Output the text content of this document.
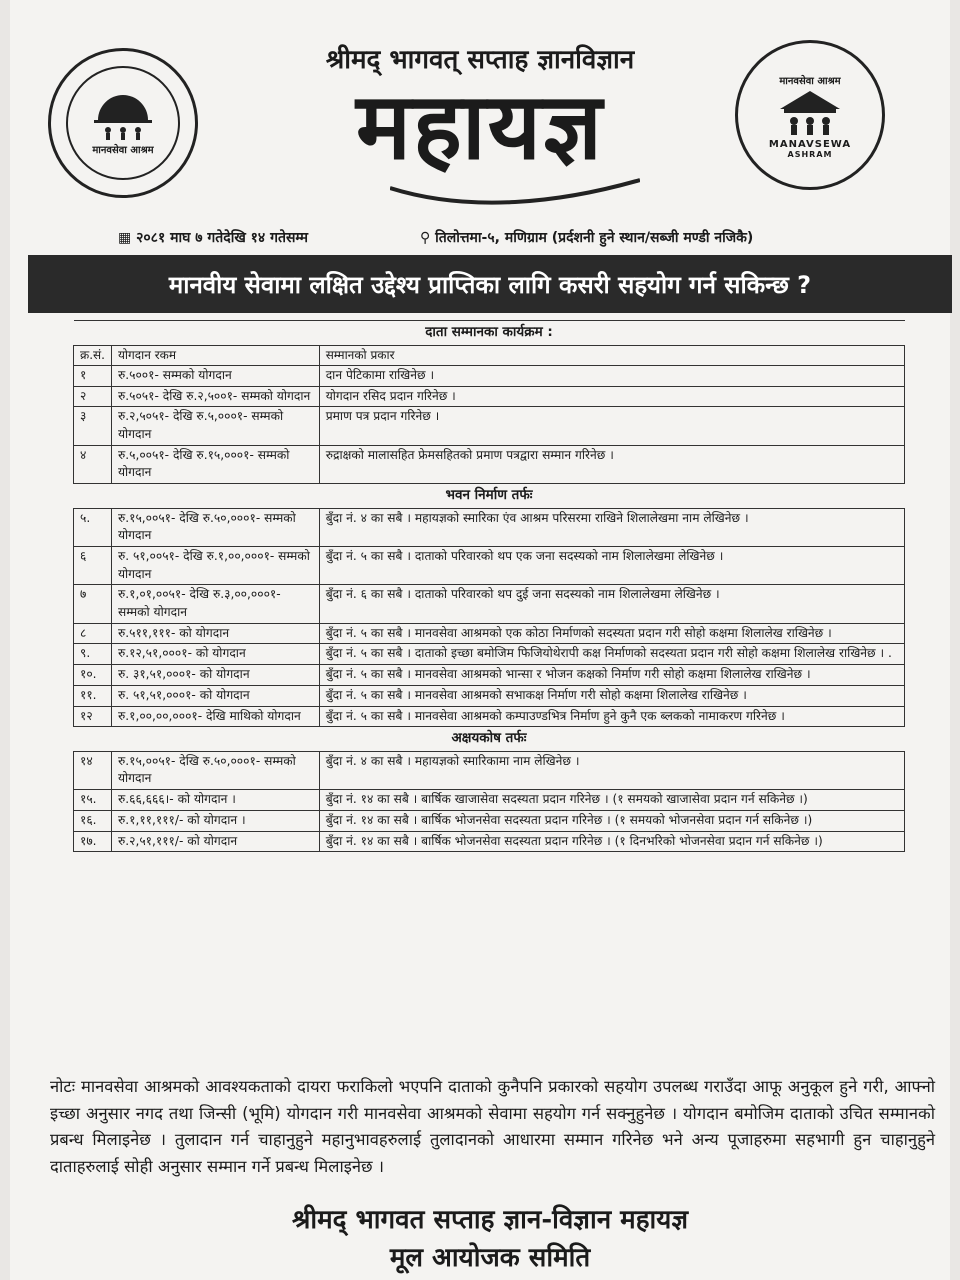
मानवसेवा आश्रम
श्रीमद् भागवत् सप्ताह ज्ञानविज्ञान
महायज्ञ	मानवसेवा आश्रम
MANAVSEWA
ASHRAM
▦ २०८१ माघ ७ गतेदेखि १४ गतेसम्म	⚲ तिलोत्तमा-५, मणिग्राम (प्रर्दशनी हुने स्थान/सब्जी मण्डी नजिकै)
मानवीय सेवामा लक्षित उद्देश्य प्राप्तिका लागि कसरी सहयोग गर्न सकिन्छ ?
दाता सम्मानका कार्यक्रम :		
क्र.सं.	योगदान रकम	सम्मानको प्रकार
१	रु.५००१- सम्मको योगदान	दान पेटिकामा राखिनेछ ।
२	रु.५०५१- देखि रु.२,५००१- सम्मको योगदान	योगदान रसिद प्रदान गरिनेछ ।
३	रु.२,५०५१- देखि रु.५,०००१- सम्मको योगदान	प्रमाण पत्र प्रदान गरिनेछ ।
४	रु.५,००५१- देखि रु.१५,०००१- सम्मको योगदान	रुद्राक्षको मालासहित फ्रेमसहितको प्रमाण पत्रद्वारा सम्मान गरिनेछ ।
भवन निर्माण तर्फः		
५.	रु.१५,००५१- देखि रु.५०,०००१- सम्मको योगदान	बुँदा नं. ४ का सबै । महायज्ञको स्मारिका एंव आश्रम परिसरमा राखिने शिलालेखमा नाम लेखिनेछ ।
६	रु. ५१,००५१- देखि रु.१,००,०००१- सम्मको योगदान	बुँदा नं. ५ का सबै । दाताको परिवारको थप एक जना सदस्यको नाम शिलालेखमा लेखिनेछ ।
७	रु.१,०१,००५१- देखि रु.३,००,०००१- सम्मको योगदान	बुँदा नं. ६ का सबै । दाताको परिवारको थप दुई जना सदस्यको नाम शिलालेखमा लेखिनेछ ।
८	रु.५११,१११- को योगदान	बुँदा नं. ५ का सबै । मानवसेवा आश्रमको एक कोठा निर्माणको सदस्यता प्रदान गरी सोहो कक्षमा शिलालेख राखिनेछ ।
९.	रु.१२,५१,०००१- को योगदान	बुँदा नं. ५ का सबै । दाताको इच्छा बमोजिम फिजियोथेरापी कक्ष निर्माणको सदस्यता प्रदान गरी सोहो कक्षमा शिलालेख राखिनेछ । .
१०.	रु. ३१,५१,०००१- को योगदान	बुँदा नं. ५ का सबै । मानवसेवा आश्रमको भान्सा र भोजन कक्षको निर्माण गरी सोहो कक्षमा शिलालेख राखिनेछ ।
११.	रु. ५१,५१,०००१- को योगदान	बुँदा नं. ५ का सबै । मानवसेवा आश्रमको सभाकक्ष निर्माण गरी सोहो कक्षमा शिलालेख राखिनेछ ।
१२	रु.१,००,००,०००१- देखि माथिको योगदान	बुँदा नं. ५ का सबै । मानवसेवा आश्रमको कम्पाउण्डभित्र निर्माण हुने कुनै एक ब्लकको नामाकरण गरिनेछ ।
अक्षयकोष तर्फः		
१४	रु.१५,००५१- देखि रु.५०,०००१- सम्मको योगदान	बुँदा नं. ४ का सबै । महायज्ञको स्मारिकामा नाम लेखिनेछ ।
१५.	रु.६६,६६६।- को योगदान ।	बुँदा नं. १४ का सबै । बार्षिक खाजासेवा सदस्यता प्रदान गरिनेछ । (१ समयको खाजासेवा प्रदान गर्न सकिनेछ ।)
१६.	रु.१,११,१११/- को योगदान ।	बुँदा नं. १४ का सबै । बार्षिक भोजनसेवा सदस्यता प्रदान गरिनेछ । (१ समयको भोजनसेवा प्रदान गर्न सकिनेछ ।)
१७.	रु.२,५१,१११/- को योगदान	बुँदा नं. १४ का सबै । बार्षिक भोजनसेवा सदस्यता प्रदान गरिनेछ । (१ दिनभरिको भोजनसेवा प्रदान गर्न सकिनेछ ।)
नोटः मानवसेवा आश्रमको आवश्यकताको दायरा फराकिलो भएपनि दाताको कुनैपनि प्रकारको सहयोग उपलब्ध गराउँदा आफू अनुकूल हुने गरी, आफ्नो इच्छा अनुसार नगद तथा जिन्सी (भूमि) योगदान गरी मानवसेवा आश्रमको सेवामा सहयोग गर्न सक्नुहुनेछ । योगदान बमोजिम दाताको उचित सम्मानको प्रबन्ध मिलाइनेछ । तुलादान गर्न चाहानुहुने महानुभावहरुलाई तुलादानको आधारमा सम्मान गरिनेछ भने अन्य पूजाहरुमा सहभागी हुन चाहानुहुने दाताहरुलाई सोही अनुसार सम्मान गर्ने प्रबन्ध मिलाइनेछ ।
श्रीमद् भागवत सप्ताह ज्ञान-विज्ञान महायज्ञ
मूल आयोजक समिति
